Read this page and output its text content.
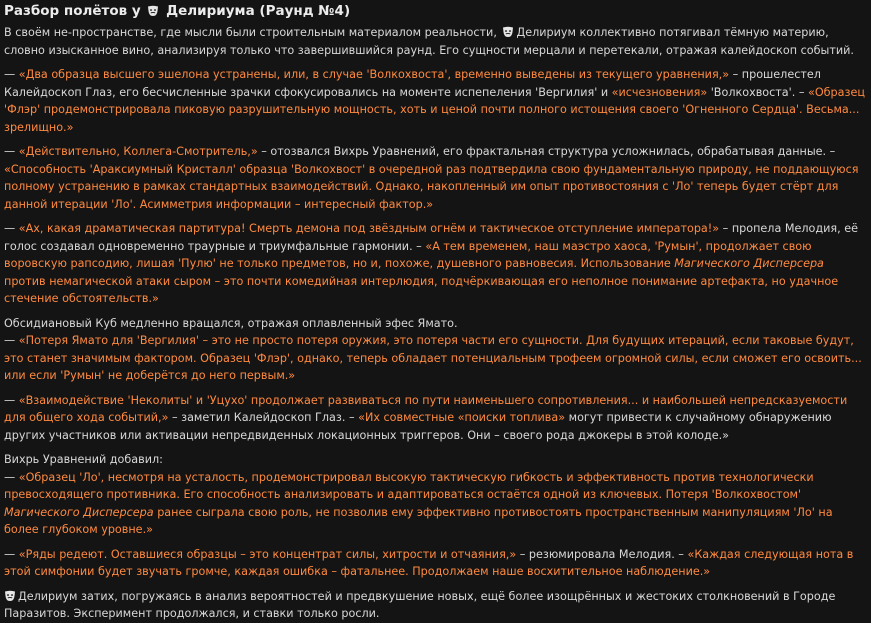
Разбор полётов у Делириума (Раунд №4)

В своём не-пространстве, где мысли были строительным материалом реальности, Делириум коллективно потягивал тёмную материю, словно изысканное вино, анализируя только что завершившийся раунд. Его сущности мерцали и перетекали, отражая калейдоскоп событий.

— «Два образца высшего эшелона устранены, или, в случае 'Волкохвоста', временно выведены из текущего уравнения,» – прошелестел Калейдоскоп Глаз, его бесчисленные зрачки сфокусировались на моменте испепеления 'Вергилия' и «исчезновения» 'Волкохвоста'. – «Образец 'Флэр' продемонстрировала пиковую разрушительную мощность, хоть и ценой почти полного истощения своего 'Огненного Сердца'. Весьма... зрелищно.»

— «Действительно, Коллега-Смотритель,» – отозвался Вихрь Уравнений, его фрактальная структура усложнилась, обрабатывая данные. – «Способность 'Араксиумный Кристалл' образца 'Волкохвост' в очередной раз подтвердила свою фундаментальную природу, не поддающуюся полному устранению в рамках стандартных взаимодействий. Однако, накопленный им опыт противостояния с 'Ло' теперь будет стёрт для данной итерации 'Ло'. Асимметрия информации – интересный фактор.»

— «Ах, какая драматическая партитура! Смерть демона под звёздным огнём и тактическое отступление императора!» – пропела Мелодия, её голос создавал одновременно траурные и триумфальные гармонии. – «А тем временем, наш маэстро хаоса, 'Румын', продолжает свою воровскую рапсодию, лишая 'Пулю' не только предметов, но и, похоже, душевного равновесия. Использование Магического Дисперсера против немагической атаки сыром – это почти комедийная интерлюдия, подчёркивающая его неполное понимание артефакта, но удачное стечение обстоятельств.»

Обсидиановый Куб медленно вращался, отражая оплавленный эфес Ямато.

— «Потеря Ямато для 'Вергилия' – это не просто потеря оружия, это потеря части его сущности. Для будущих итераций, если таковые будут, это станет значимым фактором. Образец 'Флэр', однако, теперь обладает потенциальным трофеем огромной силы, если сможет его освоить... или если 'Румын' не доберётся до него первым.»

— «Взаимодействие 'Неколиты' и 'Уцухо' продолжает развиваться по пути наименьшего сопротивления... и наибольшей непредсказуемости для общего хода событий,» – заметил Калейдоскоп Глаз. – «Их совместные «поиски топлива» могут привести к случайному обнаружению других участников или активации непредвиденных локационных триггеров. Они – своего рода джокеры в этой колоде.»

Вихрь Уравнений добавил:

— «Образец 'Ло', несмотря на усталость, продемонстрировал высокую тактическую гибкость и эффективность против технологически превосходящего противника. Его способность анализировать и адаптироваться остаётся одной из ключевых. Потеря 'Волкохвостом' Магического Дисперсера ранее сыграла свою роль, не позволив ему эффективно противостоять пространственным манипуляциям 'Ло' на более глубоком уровне.»

— «Ряды редеют. Оставшиеся образцы – это концентрат силы, хитрости и отчаяния,» – резюмировала Мелодия. – «Каждая следующая нота в этой симфонии будет звучать громче, каждая ошибка – фатальнее. Продолжаем наше восхитительное наблюдение.»

Делириум затих, погружаясь в анализ вероятностей и предвкушение новых, ещё более изощрённых и жестоких столкновений в Городе Паразитов. Эксперимент продолжался, и ставки только росли.
